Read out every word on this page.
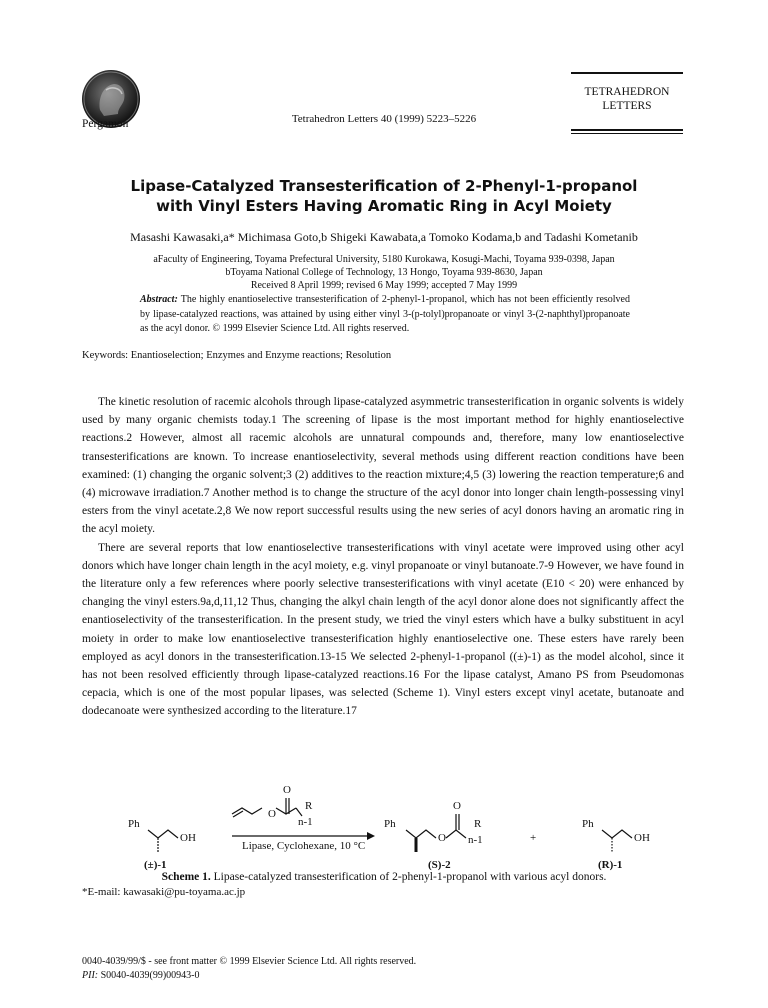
Pergamon	Tetrahedron Letters 40 (1999) 5223–5226
TETRAHEDRON
LETTERS
Lipase-Catalyzed Transesterification of 2-Phenyl-1-propanol
with Vinyl Esters Having Aromatic Ring in Acyl Moiety
Masashi Kawasaki,a* Michimasa Goto,b Shigeki Kawabata,a Tomoko Kodama,b and Tadashi Kometanib
aFaculty of Engineering, Toyama Prefectural University, 5180 Kurokawa, Kosugi-Machi, Toyama 939-0398, Japan
bToyama National College of Technology, 13 Hongo, Toyama 939-8630, Japan
Received 8 April 1999; revised 6 May 1999; accepted 7 May 1999
Abstract: The highly enantioselective transesterification of 2-phenyl-1-propanol, which has not been efficiently resolved by lipase-catalyzed reactions, was attained by using either vinyl 3-(p-tolyl)propanoate or vinyl 3-(2-naphthyl)propanoate as the acyl donor. © 1999 Elsevier Science Ltd. All rights reserved.
Keywords: Enantioselection; Enzymes and Enzyme reactions; Resolution

The kinetic resolution of racemic alcohols through lipase-catalyzed asymmetric transesterification in organic solvents is widely used by many organic chemists today.1 The screening of lipase is the most important method for highly enantioselective reactions.2 However, almost all racemic alcohols are unnatural compounds and, therefore, many low enantioselective transesterifications are known. To increase enantioselectivity, several methods using different reaction conditions have been examined: (1) changing the organic solvent;3 (2) additives to the reaction mixture;4,5 (3) lowering the reaction temperature;6 and (4) microwave irradiation.7 Another method is to change the structure of the acyl donor into longer chain length-possessing vinyl esters from the vinyl acetate.2,8 We now report successful results using the new series of acyl donors having an aromatic ring in the acyl moiety.

There are several reports that low enantioselective transesterifications with vinyl acetate were improved using other acyl donors which have longer chain length in the acyl moiety, e.g. vinyl propanoate or vinyl butanoate.7-9 However, we have found in the literature only a few references where poorly selective transesterifications with vinyl acetate (E10 < 20) were enhanced by changing the vinyl esters.9a,d,11,12 Thus, changing the alkyl chain length of the acyl donor alone does not significantly affect the enantioselectivity of the transesterification. In the present study, we tried the vinyl esters which have a bulky substituent in acyl moiety in order to make low enantioselective transesterification highly enantioselective one. These esters have rarely been employed as acyl donors in the transesterification.13-15 We selected 2-phenyl-1-propanol ((±)-1) as the model alcohol, since it has not been resolved efficiently through lipase-catalyzed reactions.16 For the lipase catalyst, Amano PS from Pseudomonas cepacia, which is one of the most popular lipases, was selected (Scheme 1). Vinyl esters except vinyl acetate, butanoate and dodecanoate were synthesized according to the literature.17

Ph
OH
(±)-1
O
O
R
n-1
Lipase, Cyclohexane, 10 °C
Ph
O
O
R
n-1
(S)-2
+
Ph
OH
(R)-1
Scheme 1. Lipase-catalyzed transesterification of 2-phenyl-1-propanol with various acyl donors.
*E-mail: kawasaki@pu-toyama.ac.jp
0040-4039/99/$ - see front matter © 1999 Elsevier Science Ltd. All rights reserved.
PII: S0040-4039(99)00943-0
